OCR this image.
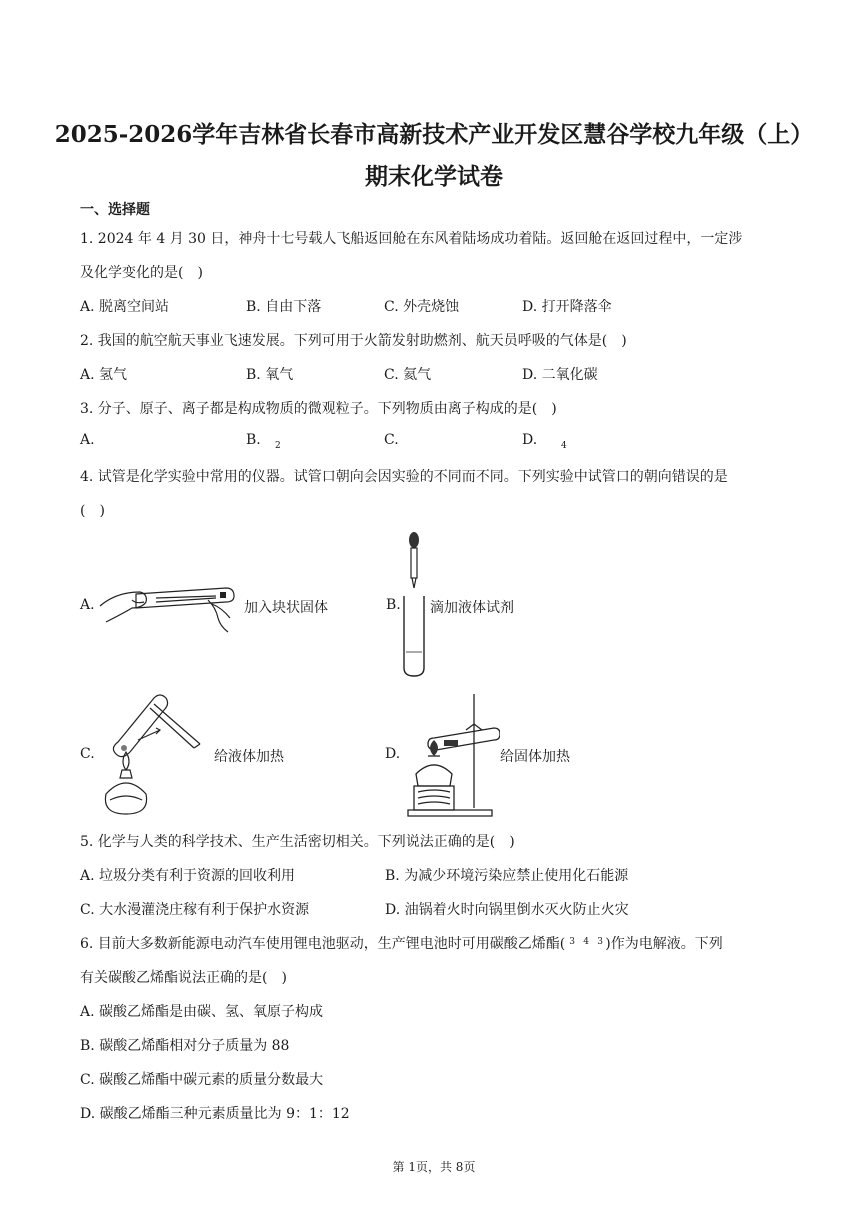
2025-2026学年吉林省长春市高新技术产业开发区慧谷学校九年级（上）
期末化学试卷
一、选择题
1. 2024 年 4 月 30 日，神舟十七号载人飞船返回舱在东风着陆场成功着陆。返回舱在返回过程中，一定涉
及化学变化的是(　)
A. 脱离空间站	B. 自由下落	C. 外壳烧蚀	D. 打开降落伞
2. 我国的航空航天事业飞速发展。下列可用于火箭发射助燃剂、航天员呼吸的气体是(　)
A. 氢气	B. 氧气	C. 氦气	D. 二氧化碳
3. 分子、原子、离子都是构成物质的微观粒子。下列物质由离子构成的是(　)
A.	B. 2	C.	D.	4
4. 试管是化学实验中常用的仪器。试管口朝向会因实验的不同而不同。下列实验中试管口的朝向错误的是
(　)
A.	加入块状固体	B. 滴加液体试剂
C.	给液体加热	D.	给固体加热
5. 化学与人类的科学技术、生产生活密切相关。下列说法正确的是(　)
A. 垃圾分类有利于资源的回收利用	B. 为减少环境污染应禁止使用化石能源
C. 大水漫灌浇庄稼有利于保护水资源	D. 油锅着火时向锅里倒水灭火防止火灾
6. 目前大多数新能源电动汽车使用锂电池驱动，生产锂电池时可用碳酸乙烯酯( 3 4 3 )作为电解液。下列
有关碳酸乙烯酯说法正确的是(　)
A. 碳酸乙烯酯是由碳、氢、氧原子构成
B. 碳酸乙烯酯相对分子质量为 88
C. 碳酸乙烯酯中碳元素的质量分数最大
D. 碳酸乙烯酯三种元素质量比为 9：1：12
第 1页，共 8页
